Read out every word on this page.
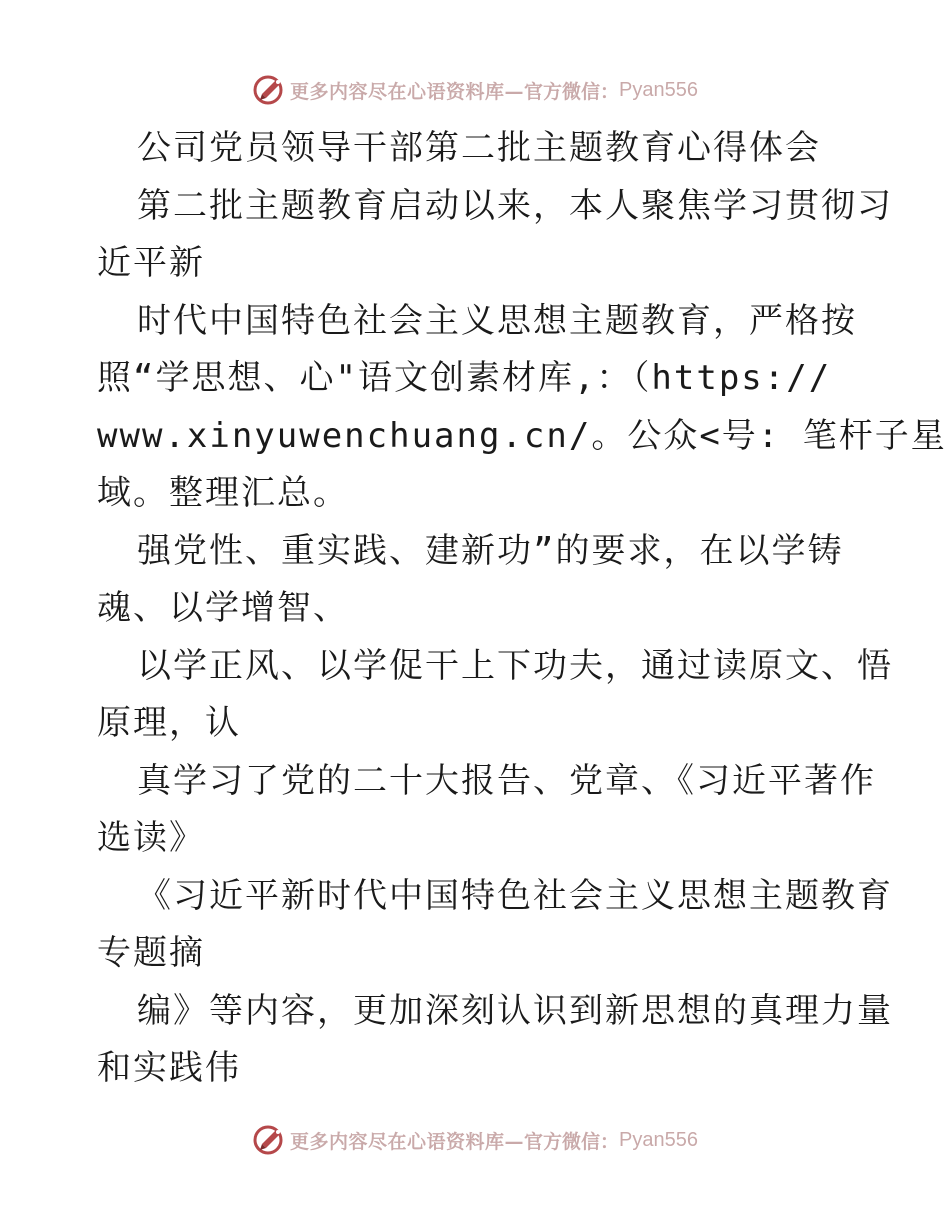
更多内容尽在心语资料库— 官方微信： Pyan556
公司党员领导干部第二批主题教育心得体会
第二批主题教育启动以来，本人聚焦学习贯彻习
近平新
时代中国特色社会主义思想主题教育，严格按
照“学思想、心"语文创素材库,：（https://
www.xinyuwenchuang.cn/。公众<号: 笔杆子星
域。整理汇总。
强党性、重实践、建新功”的要求，在以学铸
魂、以学增智、
以学正风、以学促干上下功夫，通过读原文、悟
原理，认
真学习了党的二十大报告、党章、《习近平著作
选读》
《习近平新时代中国特色社会主义思想主题教育
专题摘
编》等内容，更加深刻认识到新思想的真理力量
和实践伟
更多内容尽在心语资料库— 官方微信： Pyan556
